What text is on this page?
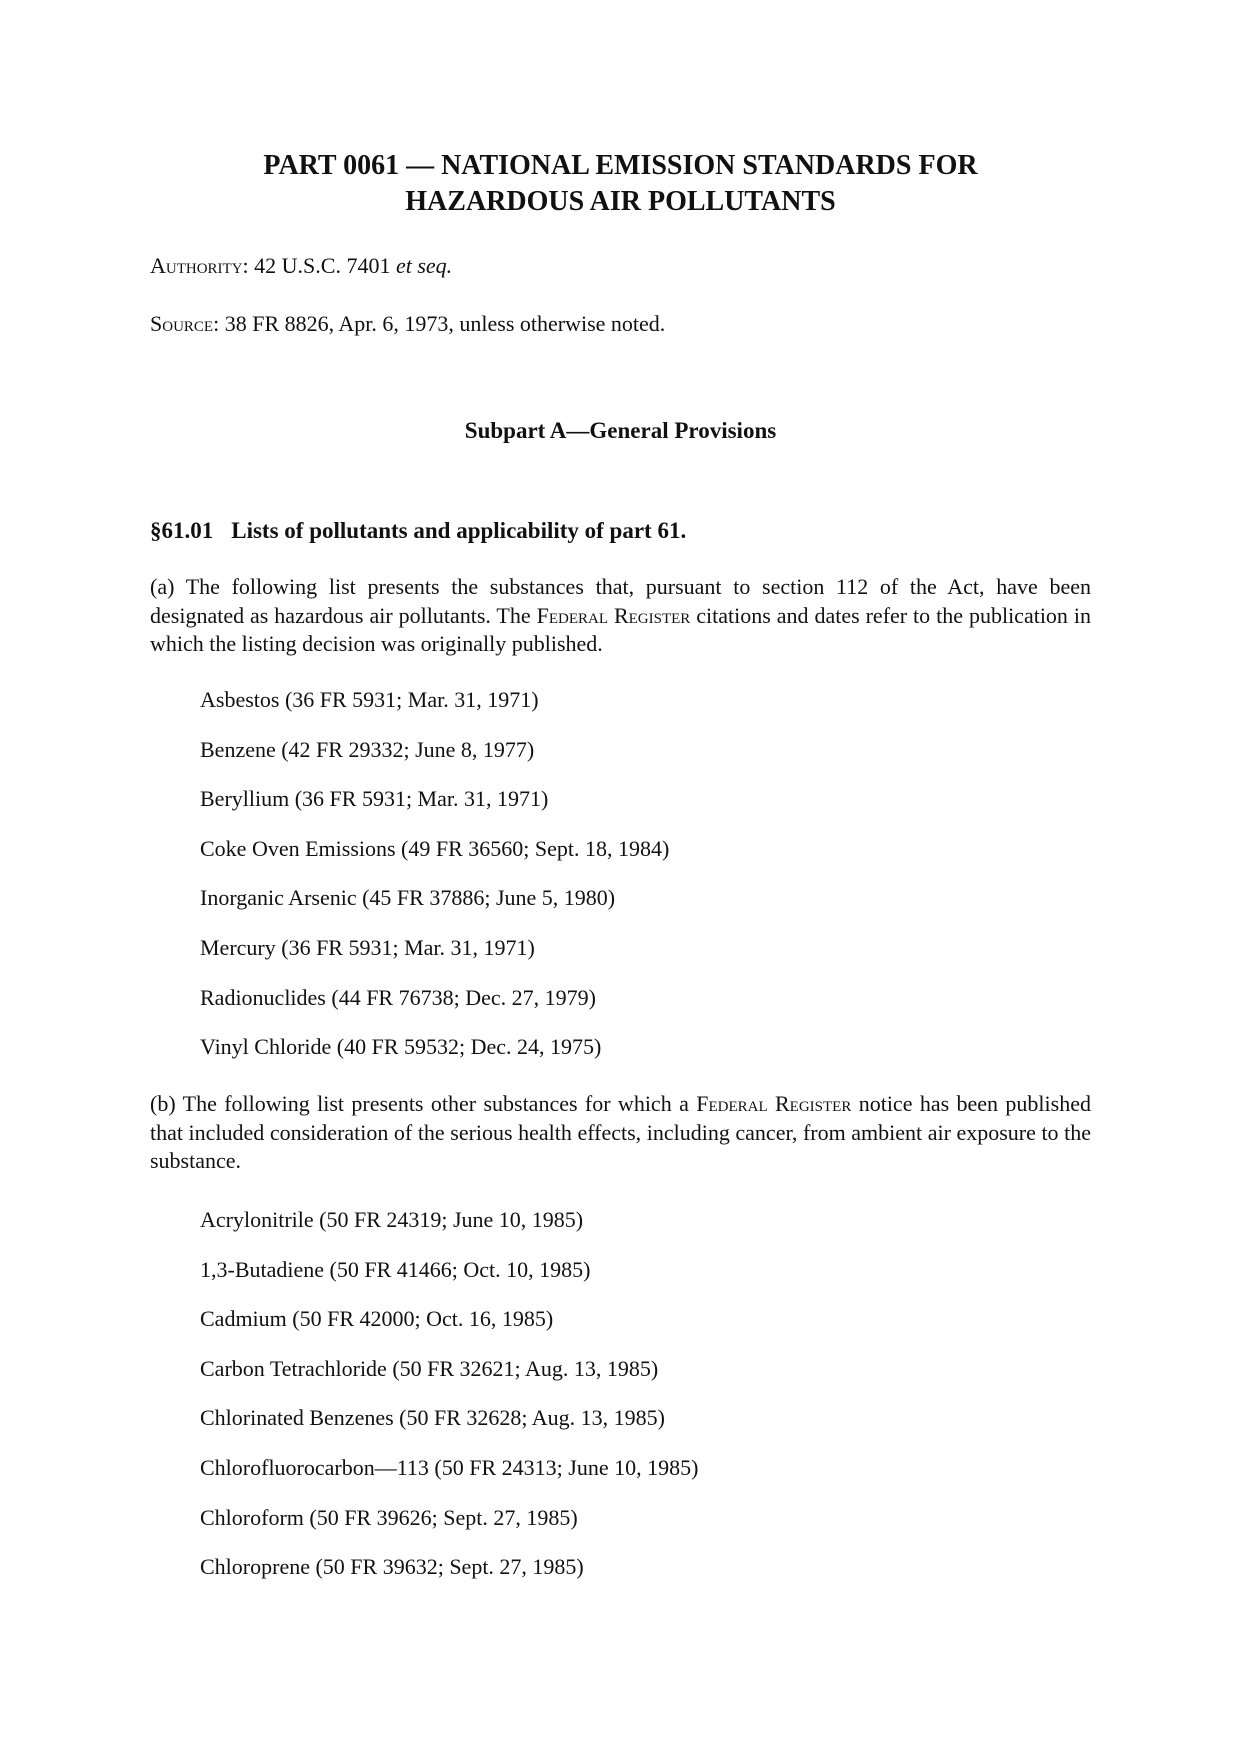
PART 0061 — NATIONAL EMISSION STANDARDS FOR
HAZARDOUS AIR POLLUTANTS
Authority: 42 U.S.C. 7401 et seq.
Source: 38 FR 8826, Apr. 6, 1973, unless otherwise noted.
Subpart A—General Provisions
§61.01 Lists of pollutants and applicability of part 61.
(a) The following list presents the substances that, pursuant to section 112 of the Act, have been designated as hazardous air pollutants. The Federal Register citations and dates refer to the publication in which the listing decision was originally published.
Asbestos (36 FR 5931; Mar. 31, 1971)
Benzene (42 FR 29332; June 8, 1977)
Beryllium (36 FR 5931; Mar. 31, 1971)
Coke Oven Emissions (49 FR 36560; Sept. 18, 1984)
Inorganic Arsenic (45 FR 37886; June 5, 1980)
Mercury (36 FR 5931; Mar. 31, 1971)
Radionuclides (44 FR 76738; Dec. 27, 1979)
Vinyl Chloride (40 FR 59532; Dec. 24, 1975)
(b) The following list presents other substances for which a Federal Register notice has been published that included consideration of the serious health effects, including cancer, from ambient air exposure to the substance.
Acrylonitrile (50 FR 24319; June 10, 1985)
1,3-Butadiene (50 FR 41466; Oct. 10, 1985)
Cadmium (50 FR 42000; Oct. 16, 1985)
Carbon Tetrachloride (50 FR 32621; Aug. 13, 1985)
Chlorinated Benzenes (50 FR 32628; Aug. 13, 1985)
Chlorofluorocarbon—113 (50 FR 24313; June 10, 1985)
Chloroform (50 FR 39626; Sept. 27, 1985)
Chloroprene (50 FR 39632; Sept. 27, 1985)
